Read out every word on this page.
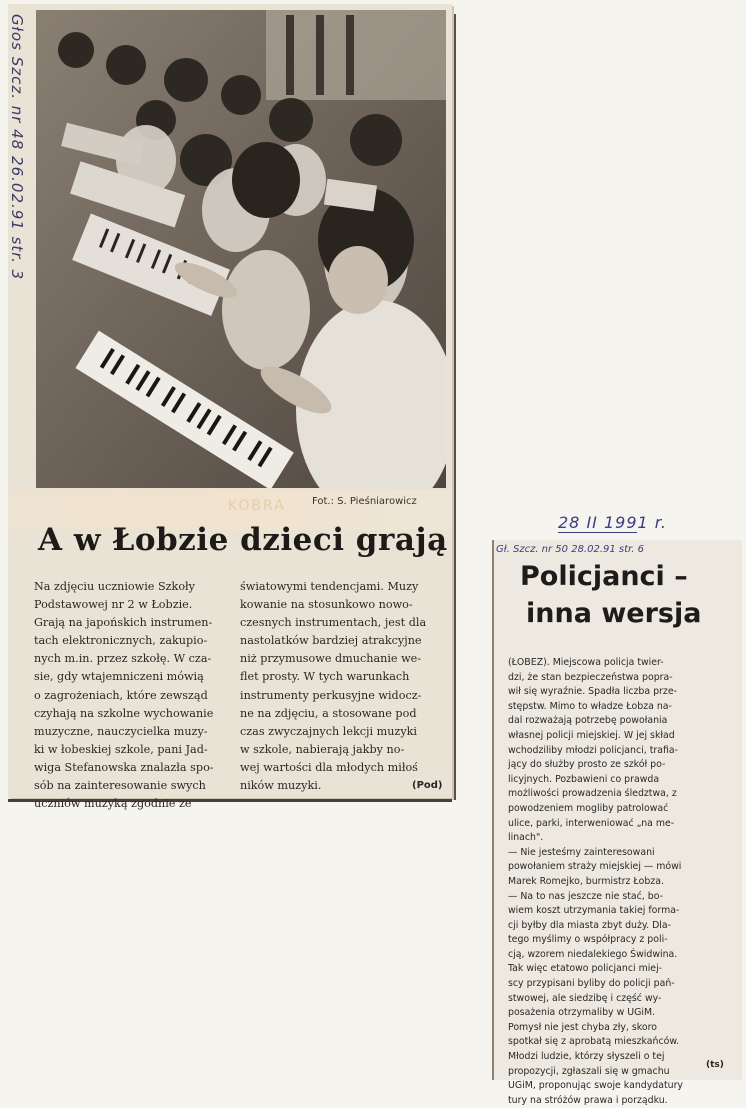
KOBRA	Fot.: S. Pieśniarowicz
A w Łobzie dzieci grają
Na zdjęciu uczniowie Szkoły
Podstawowej nr 2 w Łobzie.
Grają na japońskich instrumen-
tach elektronicznych, zakupio-
nych m.in. przez szkołę. W cza-
sie, gdy wtajemniczeni mówią
o zagrożeniach, które zewsząd
czyhają na szkolne wychowanie
muzyczne, nauczycielka muzy-
ki w łobeskiej szkole, pani Jad-
wiga Stefanowska znalazła spo-
sób na zainteresowanie swych
uczniów muzyką zgodnie ze
światowymi tendencjami. Muzy
kowanie na stosunkowo nowo-
czesnych instrumentach, jest dla
nastolatków bardziej atrakcyjne
niż przymusowe dmuchanie we-
flet prosty. W tych warunkach
instrumenty perkusyjne widocz-
ne na zdjęciu, a stosowane pod
czas zwyczajnych lekcji muzyki
w szkole, nabierają jakby no-
wej wartości dla młodych miłoś
ników muzyki.	(Pod)
Głos Szcz. nr 48 26.02.91 str. 3
28 II 1991 r.
Gł. Szcz. nr 50 28.02.91 str. 6
Policjanci –
inna wersja
(ŁOBEZ). Miejscowa policja twier-
dzi, że stan bezpieczeństwa popra-
wił się wyraźnie. Spadła liczba prze-
stępstw. Mimo to władze Łobza na-
dal rozważają potrzebę powołania
własnej policji miejskiej. W jej skład
wchodziliby młodzi policjanci, trafia-
jący do służby prosto ze szkół po-
licyjnych. Pozbawieni co prawda
możliwości prowadzenia śledztwa, z
powodzeniem mogliby patrolować
ulice, parki, interweniować „na me-
linach".
— Nie jesteśmy zainteresowani
powołaniem straży miejskiej — mówi
Marek Romejko, burmistrz Łobza.
— Na to nas jeszcze nie stać, bo-
wiem koszt utrzymania takiej forma-
cji byłby dla miasta zbyt duży. Dla-
tego myślimy o współpracy z poli-
cją, wzorem niedalekiego Świdwina.
Tak więc etatowo policjanci miej-
scy przypisani byliby do policji pań-
stwowej, ale siedzibę i część wy-
posażenia otrzymaliby w UGiM.
Pomysł nie jest chyba zły, skoro
spotkał się z aprobatą mieszkańców.
Młodzi ludzie, którzy słyszeli o tej
propozycji, zgłaszali się w gmachu
UGiM, proponując swoje kandydatury
tury na stróżów prawa i porządku.
(ts)
